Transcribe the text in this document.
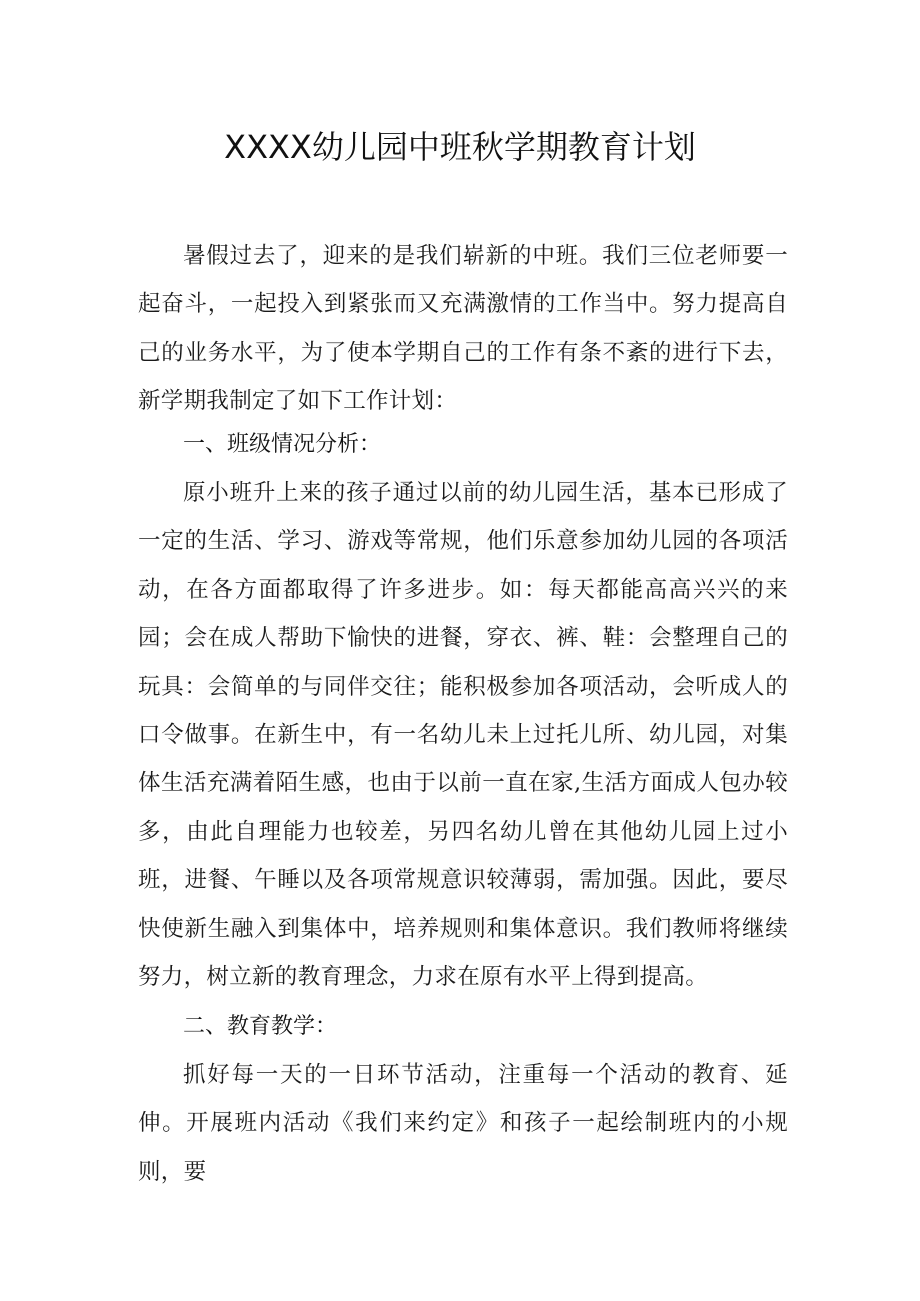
XXXX幼儿园中班秋学期教育计划

暑假过去了，迎来的是我们崭新的中班。我们三位老师要一起奋斗，一起投入到紧张而又充满激情的工作当中。努力提高自己的业务水平，为了使本学期自己的工作有条不紊的进行下去，新学期我制定了如下工作计划：

一、班级情况分析：

原小班升上来的孩子通过以前的幼儿园生活，基本已形成了一定的生活、学习、游戏等常规，他们乐意参加幼儿园的各项活动，在各方面都取得了许多进步。如：每天都能高高兴兴的来园；会在成人帮助下愉快的进餐，穿衣、裤、鞋：会整理自己的玩具：会简单的与同伴交往；能积极参加各项活动，会听成人的口令做事。在新生中，有一名幼儿未上过托儿所、幼儿园，对集体生活充满着陌生感，也由于以前一直在家,生活方面成人包办较多，由此自理能力也较差，另四名幼儿曾在其他幼儿园上过小班，进餐、午睡以及各项常规意识较薄弱，需加强。因此，要尽快使新生融入到集体中，培养规则和集体意识。我们教师将继续努力，树立新的教育理念，力求在原有水平上得到提高。

二、教育教学：

抓好每一天的一日环节活动，注重每一个活动的教育、延伸。开展班内活动《我们来约定》和孩子一起绘制班内的小规则，要
